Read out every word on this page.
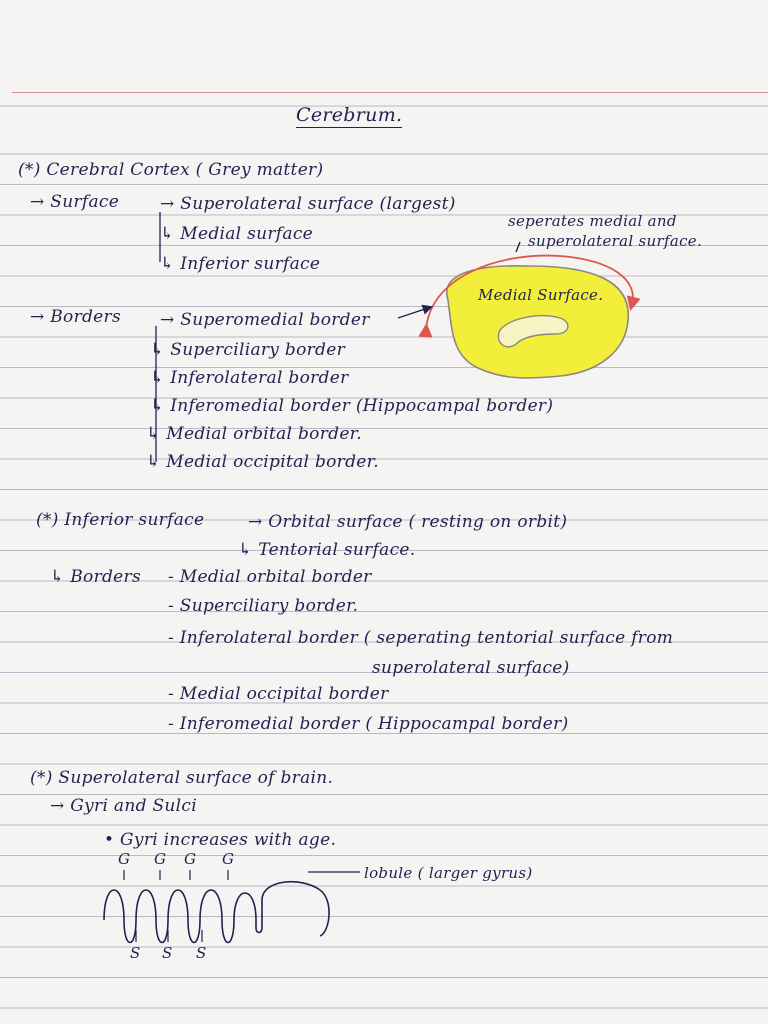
Cerebrum.
(*) Cerebral Cortex ( Grey matter)
→ Surface → Superolateral surface (largest)
↳ Medial surface
↳ Inferior surface
seperates medial and
superolateral surface.
→ Borders → Superomedial border
↳ Superciliary border
↳ Inferolateral border
↳ Inferomedial border (Hippocampal border)
↳ Medial orbital border.
↳ Medial occipital border.
(*) Inferior surface	→ Orbital surface ( resting on orbit)
↳ Tentorial surface.
↳ Borders - Medial orbital border
- Superciliary border.
- Inferolateral border ( seperating tentorial surface from
superolateral surface)
- Medial occipital border
- Inferomedial border ( Hippocampal border)
(*) Superolateral surface of brain.
→ Gyri and Sulci
• Gyri increases with age.
Medial Surface.
G G G G
S S S
lobule ( larger gyrus)
